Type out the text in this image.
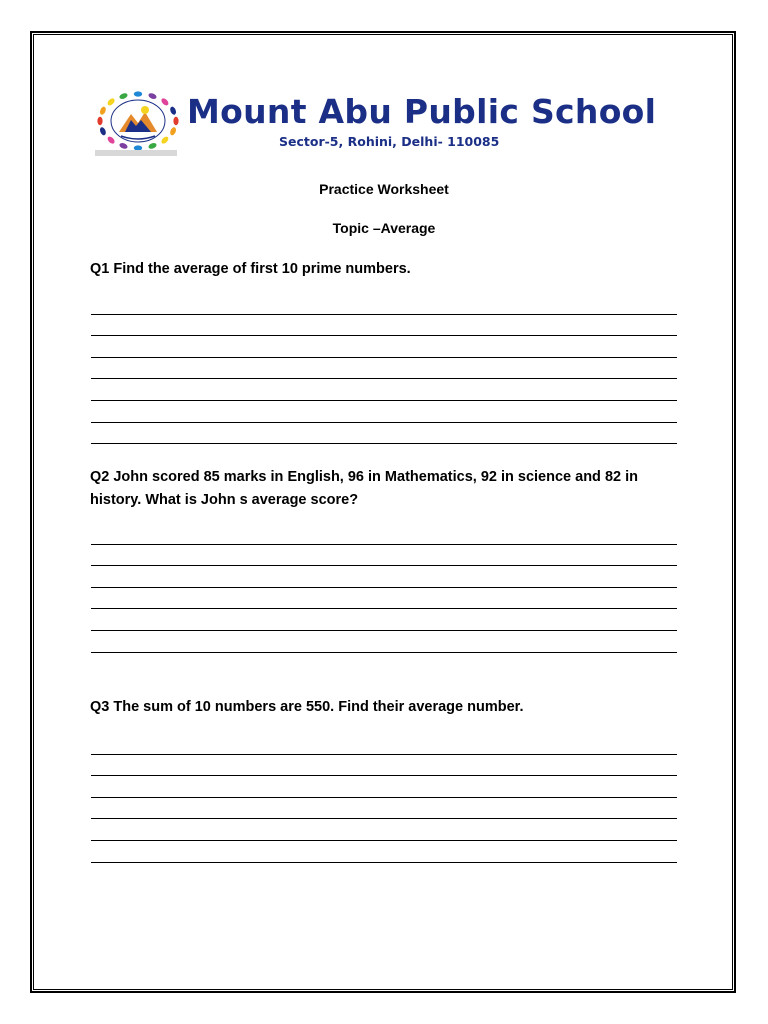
Mount Abu Public School

Sector-5, Rohini, Delhi- 110085

Practice Worksheet
Topic –Average

Q1 Find the average of first 10 prime numbers.

Q2 John scored 85 marks in English, 96 in Mathematics, 92 in science and 82 in history. What is John s average score?

Q3 The sum of 10 numbers are 550. Find their average number.
